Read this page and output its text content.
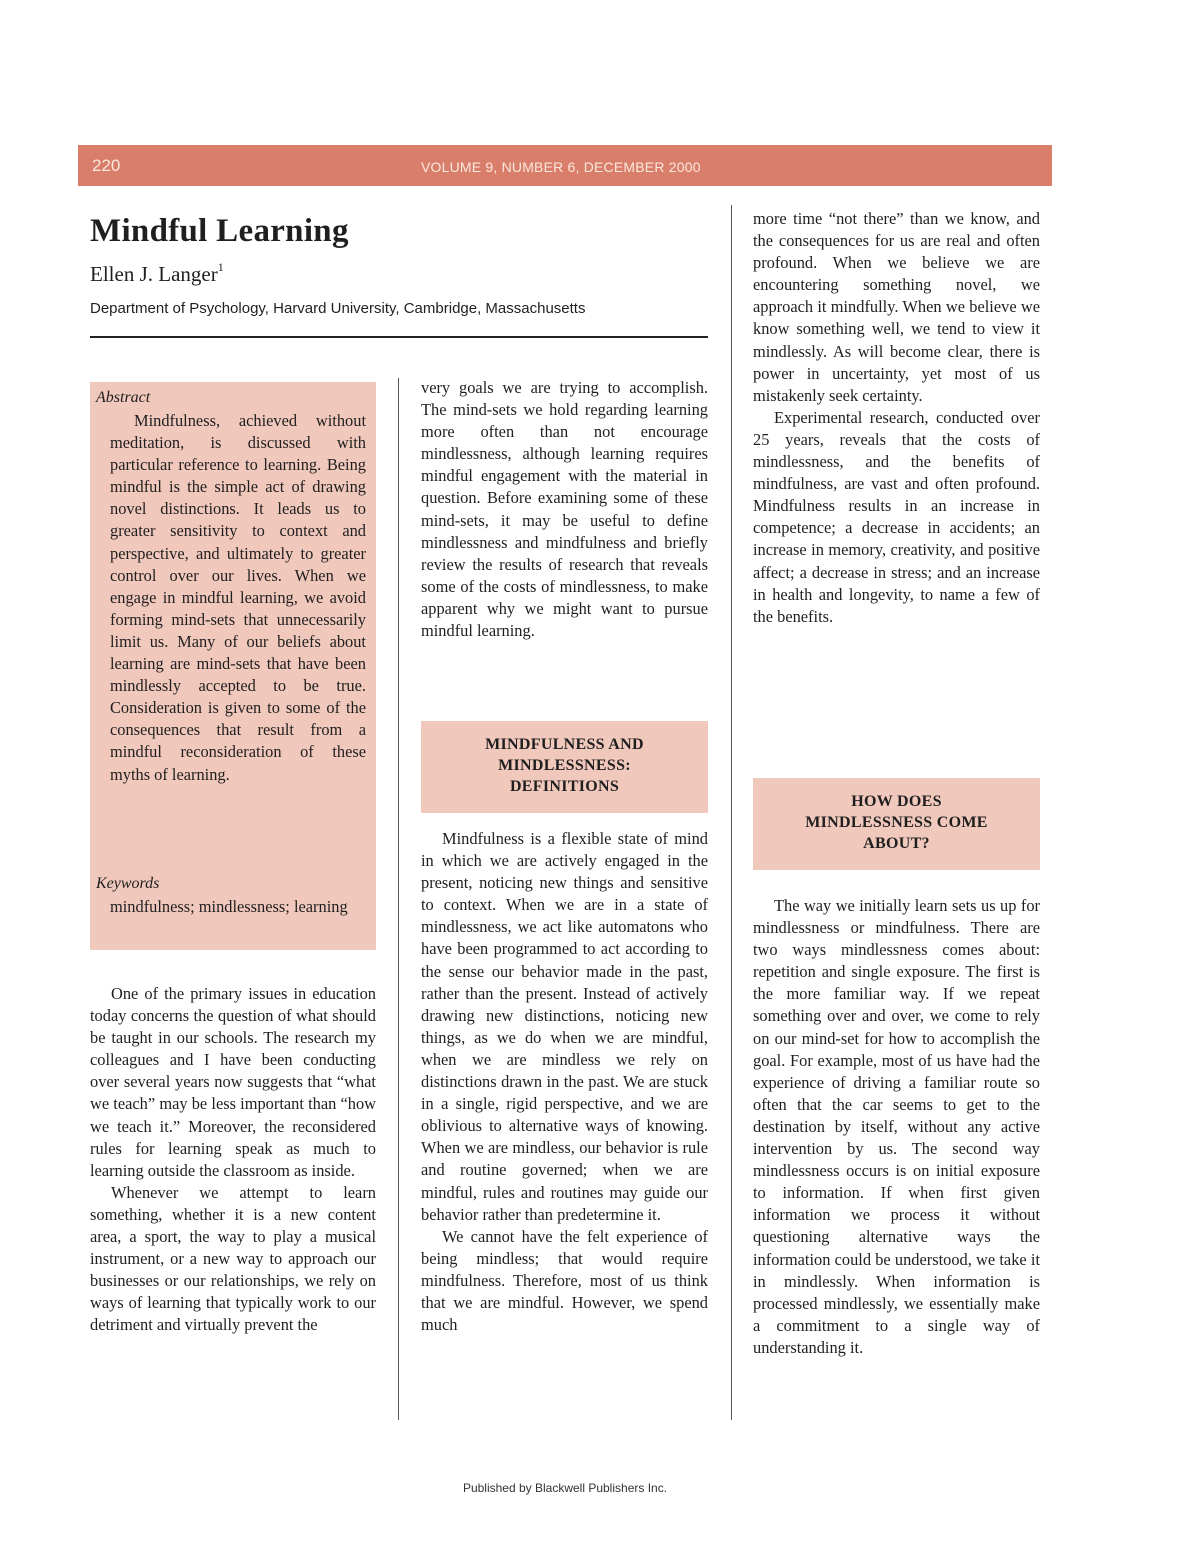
220	VOLUME 9, NUMBER 6, DECEMBER 2000
Mindful Learning
Ellen J. Langer$^1$
Department of Psychology, Harvard University, Cambridge, Massachusetts
Abstract

Mindfulness, achieved without meditation, is discussed with particular reference to learning. Being mindful is the simple act of drawing novel distinctions. It leads us to greater sensitivity to context and perspective, and ultimately to greater control over our lives. When we engage in mindful learning, we avoid forming mind-sets that unnecessarily limit us. Many of our beliefs about learning are mind-sets that have been mindlessly accepted to be true. Consideration is given to some of the consequences that result from a mindful reconsideration of these myths of learning.

Keywords
mindfulness; mindlessness; learning

One of the primary issues in education today concerns the question of what should be taught in our schools. The research my colleagues and I have been conducting over several years now suggests that “what we teach” may be less important than “how we teach it.” Moreover, the reconsidered rules for learning speak as much to learning outside the classroom as inside.

Whenever we attempt to learn something, whether it is a new content area, a sport, the way to play a musical instrument, or a new way to approach our businesses or our relationships, we rely on ways of learning that typically work to our detriment and virtually prevent the

very goals we are trying to accomplish. The mind-sets we hold regarding learning more often than not encourage mindlessness, although learning requires mindful engagement with the material in question. Before examining some of these mind-sets, it may be useful to define mindlessness and mindfulness and briefly review the results of research that reveals some of the costs of mindlessness, to make apparent why we might want to pursue mindful learning.

MINDFULNESS AND
MINDLESSNESS:
DEFINITIONS

Mindfulness is a flexible state of mind in which we are actively engaged in the present, noticing new things and sensitive to context. When we are in a state of mindlessness, we act like automatons who have been programmed to act according to the sense our behavior made in the past, rather than the present. Instead of actively drawing new distinctions, noticing new things, as we do when we are mindful, when we are mindless we rely on distinctions drawn in the past. We are stuck in a single, rigid perspective, and we are oblivious to alternative ways of knowing. When we are mindless, our behavior is rule and routine governed; when we are mindful, rules and routines may guide our behavior rather than predetermine it.

We cannot have the felt experience of being mindless; that would require mindfulness. Therefore, most of us think that we are mindful. However, we spend much

more time “not there” than we know, and the consequences for us are real and often profound. When we believe we are encountering something novel, we approach it mindfully. When we believe we know something well, we tend to view it mindlessly. As will become clear, there is power in uncertainty, yet most of us mistakenly seek certainty.

Experimental research, conducted over 25 years, reveals that the costs of mindlessness, and the benefits of mindfulness, are vast and often profound. Mindfulness results in an increase in competence; a decrease in accidents; an increase in memory, creativity, and positive affect; a decrease in stress; and an increase in health and longevity, to name a few of the benefits.

HOW DOES
MINDLESSNESS COME
ABOUT?

The way we initially learn sets us up for mindlessness or mindfulness. There are two ways mindlessness comes about: repetition and single exposure. The first is the more familiar way. If we repeat something over and over, we come to rely on our mind-set for how to accomplish the goal. For example, most of us have had the experience of driving a familiar route so often that the car seems to get to the destination by itself, without any active intervention by us. The second way mindlessness occurs is on initial exposure to information. If when first given information we process it without questioning alternative ways the information could be understood, we take it in mindlessly. When information is processed mindlessly, we essentially make a commitment to a single way of understanding it.

Published by Blackwell Publishers Inc.
